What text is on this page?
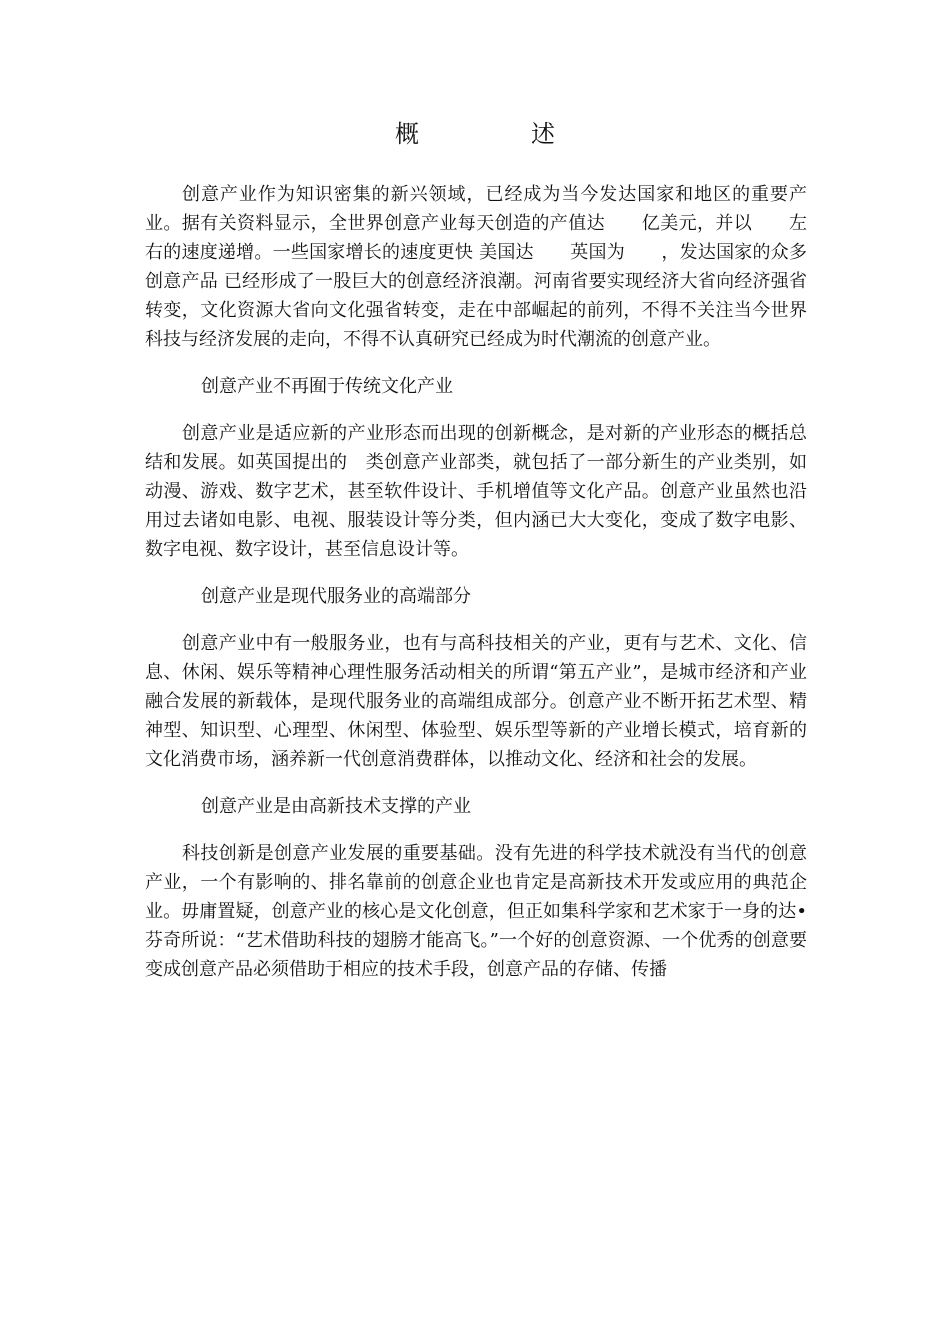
概　述

创意产业作为知识密集的新兴领域，已经成为当今发达国家和地区的重要产业。据有关资料显示，全世界创意产业每天创造的产值达　　亿美元，并以　　左右的速度递增。一些国家增长的速度更快 美国达　　英国为　　，发达国家的众多创意产品 已经形成了一股巨大的创意经济浪潮。河南省要实现经济大省向经济强省转变，文化资源大省向文化强省转变，走在中部崛起的前列，不得不关注当今世界科技与经济发展的走向，不得不认真研究已经成为时代潮流的创意产业。

创意产业不再囿于传统文化产业

创意产业是适应新的产业形态而出现的创新概念，是对新的产业形态的概括总结和发展。如英国提出的　类创意产业部类，就包括了一部分新生的产业类别，如动漫、游戏、数字艺术，甚至软件设计、手机增值等文化产品。创意产业虽然也沿用过去诸如电影、电视、服装设计等分类，但内涵已大大变化，变成了数字电影、数字电视、数字设计，甚至信息设计等。

创意产业是现代服务业的高端部分

创意产业中有一般服务业，也有与高科技相关的产业，更有与艺术、文化、信息、休闲、娱乐等精神心理性服务活动相关的所谓“第五产业”，是城市经济和产业融合发展的新载体，是现代服务业的高端组成部分。创意产业不断开拓艺术型、精神型、知识型、心理型、休闲型、体验型、娱乐型等新的产业增长模式，培育新的文化消费市场，涵养新一代创意消费群体，以推动文化、经济和社会的发展。

创意产业是由高新技术支撑的产业

科技创新是创意产业发展的重要基础。没有先进的科学技术就没有当代的创意产业，一个有影响的、排名靠前的创意企业也肯定是高新技术开发或应用的典范企业。毋庸置疑，创意产业的核心是文化创意，但正如集科学家和艺术家于一身的达•芬奇所说：“艺术借助科技的翅膀才能高飞。”一个好的创意资源、一个优秀的创意要变成创意产品必须借助于相应的技术手段，创意产品的存储、传播
